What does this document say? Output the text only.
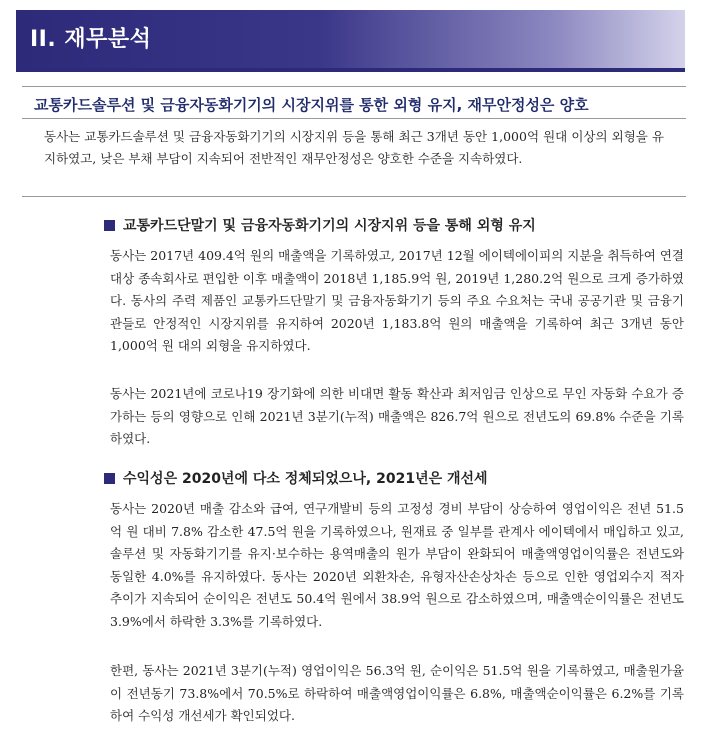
II. 재무분석
교통카드솔루션 및 금융자동화기기의 시장지위를 통한 외형 유지, 재무안정성은 양호
동사는 교통카드솔루션 및 금융자동화기기의 시장지위 등을 통해 최근 3개년 동안 1,000억 원대 이상의 외형을 유지하였고, 낮은 부채 부담이 지속되어 전반적인 재무안정성은 양호한 수준을 지속하였다.
교통카드단말기 및 금융자동화기기의 시장지위 등을 통해 외형 유지

동사는 2017년 409.4억 원의 매출액을 기록하였고, 2017년 12월 에이텍에이피의 지분을 취득하여 연결대상 종속회사로 편입한 이후 매출액이 2018년 1,185.9억 원, 2019년 1,280.2억 원으로 크게 증가하였다. 동사의 주력 제품인 교통카드단말기 및 금융자동화기기 등의 주요 수요처는 국내 공공기관 및 금융기관들로 안정적인 시장지위를 유지하여 2020년 1,183.8억 원의 매출액을 기록하여 최근 3개년 동안 1,000억 원 대의 외형을 유지하였다.

동사는 2021년에 코로나19 장기화에 의한 비대면 활동 확산과 최저임금 인상으로 무인 자동화 수요가 증가하는 등의 영향으로 인해 2021년 3분기(누적) 매출액은 826.7억 원으로 전년도의 69.8% 수준을 기록하였다.

수익성은 2020년에 다소 정체되었으나, 2021년은 개선세

동사는 2020년 매출 감소와 급여, 연구개발비 등의 고정성 경비 부담이 상승하여 영업이익은 전년 51.5억 원 대비 7.8% 감소한 47.5억 원을 기록하였으나, 원재료 중 일부를 관계사 에이텍에서 매입하고 있고, 솔루션 및 자동화기기를 유지·보수하는 용역매출의 원가 부담이 완화되어 매출액영업이익률은 전년도와 동일한 4.0%를 유지하였다. 동사는 2020년 외환차손, 유형자산손상차손 등으로 인한 영업외수지 적자 추이가 지속되어 순이익은 전년도 50.4억 원에서 38.9억 원으로 감소하였으며, 매출액순이익률은 전년도 3.9%에서 하락한 3.3%를 기록하였다.

한편, 동사는 2021년 3분기(누적) 영업이익은 56.3억 원, 순이익은 51.5억 원을 기록하였고, 매출원가율이 전년동기 73.8%에서 70.5%로 하락하여 매출액영업이익률은 6.8%, 매출액순이익률은 6.2%를 기록하여 수익성 개선세가 확인되었다.
